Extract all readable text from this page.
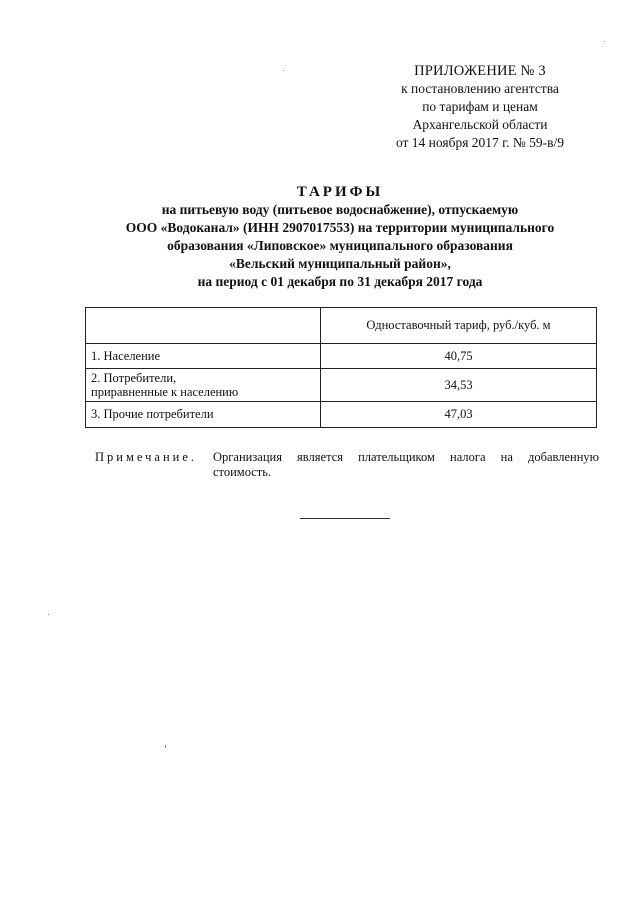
ПРИЛОЖЕНИЕ № 3
к постановлению агентства
по тарифам и ценам
Архангельской области
от 14 ноября 2017 г. № 59-в/9
ТАРИФЫ
на питьевую воду (питьевое водоснабжение), отпускаемую
ООО «Водоканал» (ИНН 2907017553) на территории муниципального
образования «Липовское» муниципального образования
«Вельский муниципальный район»,
на период с 01 декабря по 31 декабря 2017 года
	Одноставочный тариф, руб./куб. м
1. Население	40,75

2. Потребители,
приравненные к населению	34,53
3. Прочие потребители	47,03
Примечание. Организация является плательщиком налога на добавленную стоимость.
